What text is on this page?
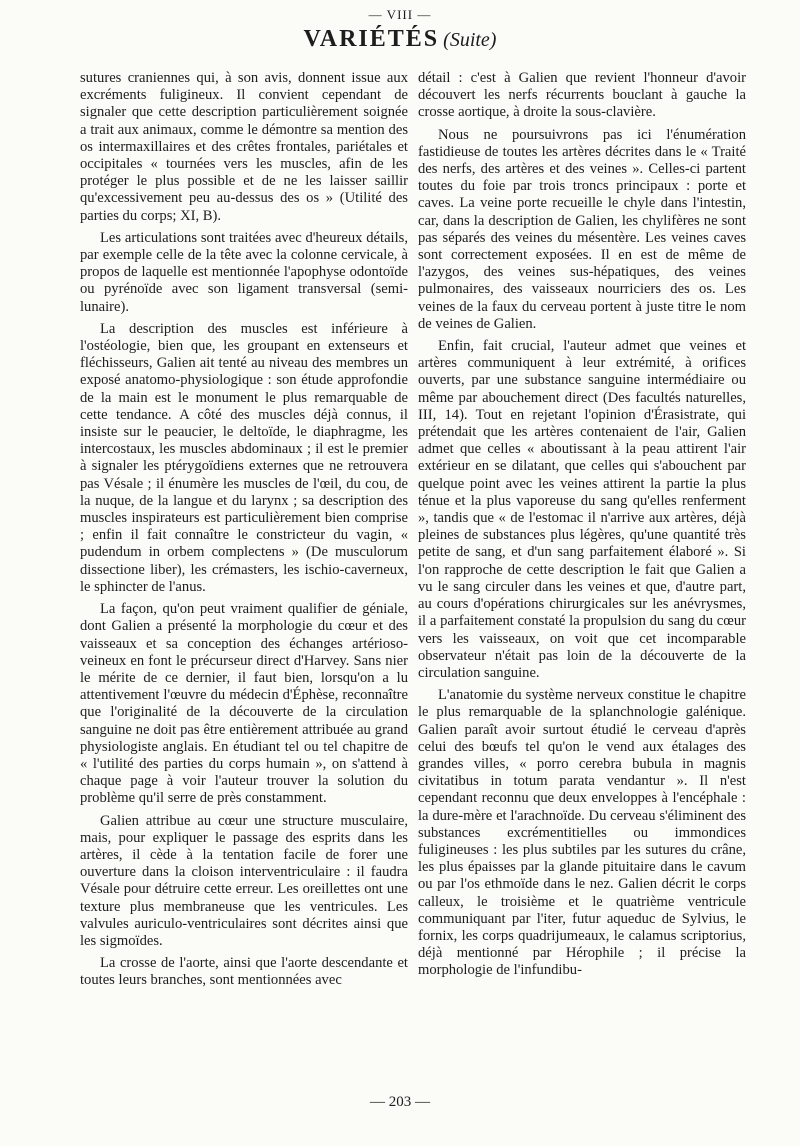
— VIII —
VARIÉTÉS (Suite)

sutures craniennes qui, à son avis, donnent issue aux excréments fuligineux. Il convient cependant de signaler que cette description particulièrement soignée a trait aux animaux, comme le démontre sa mention des os intermaxillaires et des crêtes frontales, pariétales et occipitales « tournées vers les muscles, afin de les protéger le plus possible et de ne les laisser saillir qu'excessivement peu au-dessus des os » (Utilité des parties du corps; XI, B).

Les articulations sont traitées avec d'heureux détails, par exemple celle de la tête avec la colonne cervicale, à propos de laquelle est mentionnée l'apophyse odontoïde ou pyrénoïde avec son ligament transversal (semi-lunaire).

La description des muscles est inférieure à l'ostéologie, bien que, les groupant en extenseurs et fléchisseurs, Galien ait tenté au niveau des membres un exposé anatomo-physiologique : son étude approfondie de la main est le monument le plus remarquable de cette tendance. A côté des muscles déjà connus, il insiste sur le peaucier, le deltoïde, le diaphragme, les intercostaux, les muscles abdominaux ; il est le premier à signaler les ptérygoïdiens externes que ne retrouvera pas Vésale ; il énumère les muscles de l'œil, du cou, de la nuque, de la langue et du larynx ; sa description des muscles inspirateurs est particulièrement bien comprise ; enfin il fait connaître le constricteur du vagin, « pudendum in orbem complectens » (De musculorum dissectione liber), les crémasters, les ischio-caverneux, le sphincter de l'anus.

La façon, qu'on peut vraiment qualifier de géniale, dont Galien a présenté la morphologie du cœur et des vaisseaux et sa conception des échanges artérioso-veineux en font le précurseur direct d'Harvey. Sans nier le mérite de ce dernier, il faut bien, lorsqu'on a lu attentivement l'œuvre du médecin d'Éphèse, reconnaître que l'originalité de la découverte de la circulation sanguine ne doit pas être entièrement attribuée au grand physiologiste anglais. En étudiant tel ou tel chapitre de « l'utilité des parties du corps humain », on s'attend à chaque page à voir l'auteur trouver la solution du problème qu'il serre de près constamment.

Galien attribue au cœur une structure musculaire, mais, pour expliquer le passage des esprits dans les artères, il cède à la tentation facile de forer une ouverture dans la cloison interventriculaire : il faudra Vésale pour détruire cette erreur. Les oreillettes ont une texture plus membraneuse que les ventricules. Les valvules auriculo-ventriculaires sont décrites ainsi que les sigmoïdes.

La crosse de l'aorte, ainsi que l'aorte descendante et toutes leurs branches, sont mentionnées avec

détail : c'est à Galien que revient l'honneur d'avoir découvert les nerfs récurrents bouclant à gauche la crosse aortique, à droite la sous-clavière.

Nous ne poursuivrons pas ici l'énumération fastidieuse de toutes les artères décrites dans le « Traité des nerfs, des artères et des veines ». Celles-ci partent toutes du foie par trois troncs principaux : porte et caves. La veine porte recueille le chyle dans l'intestin, car, dans la description de Galien, les chylifères ne sont pas séparés des veines du mésentère. Les veines caves sont correctement exposées. Il en est de même de l'azygos, des veines sus-hépatiques, des veines pulmonaires, des vaisseaux nourriciers des os. Les veines de la faux du cerveau portent à juste titre le nom de veines de Galien.

Enfin, fait crucial, l'auteur admet que veines et artères communiquent à leur extrémité, à orifices ouverts, par une substance sanguine intermédiaire ou même par abouchement direct (Des facultés naturelles, III, 14). Tout en rejetant l'opinion d'Érasistrate, qui prétendait que les artères contenaient de l'air, Galien admet que celles « aboutissant à la peau attirent l'air extérieur en se dilatant, que celles qui s'abouchent par quelque point avec les veines attirent la partie la plus ténue et la plus vaporeuse du sang qu'elles renferment », tandis que « de l'estomac il n'arrive aux artères, déjà pleines de substances plus légères, qu'une quantité très petite de sang, et d'un sang parfaitement élaboré ». Si l'on rapproche de cette description le fait que Galien a vu le sang circuler dans les veines et que, d'autre part, au cours d'opérations chirurgicales sur les anévrysmes, il a parfaitement constaté la propulsion du sang du cœur vers les vaisseaux, on voit que cet incomparable observateur n'était pas loin de la découverte de la circulation sanguine.

L'anatomie du système nerveux constitue le chapitre le plus remarquable de la splanchnologie galénique. Galien paraît avoir surtout étudié le cerveau d'après celui des bœufs tel qu'on le vend aux étalages des grandes villes, « porro cerebra bubula in magnis civitatibus in totum parata vendantur ». Il n'est cependant reconnu que deux enveloppes à l'encéphale : la dure-mère et l'arachnoïde. Du cerveau s'éliminent des substances excrémentitielles ou immondices fuligineuses : les plus subtiles par les sutures du crâne, les plus épaisses par la glande pituitaire dans le cavum ou par l'os ethmoïde dans le nez. Galien décrit le corps calleux, le troisième et le quatrième ventricule communiquant par l'iter, futur aqueduc de Sylvius, le fornix, les corps quadrijumeaux, le calamus scriptorius, déjà mentionné par Hérophile ; il précise la morphologie de l'infundibu-

— 203 —
